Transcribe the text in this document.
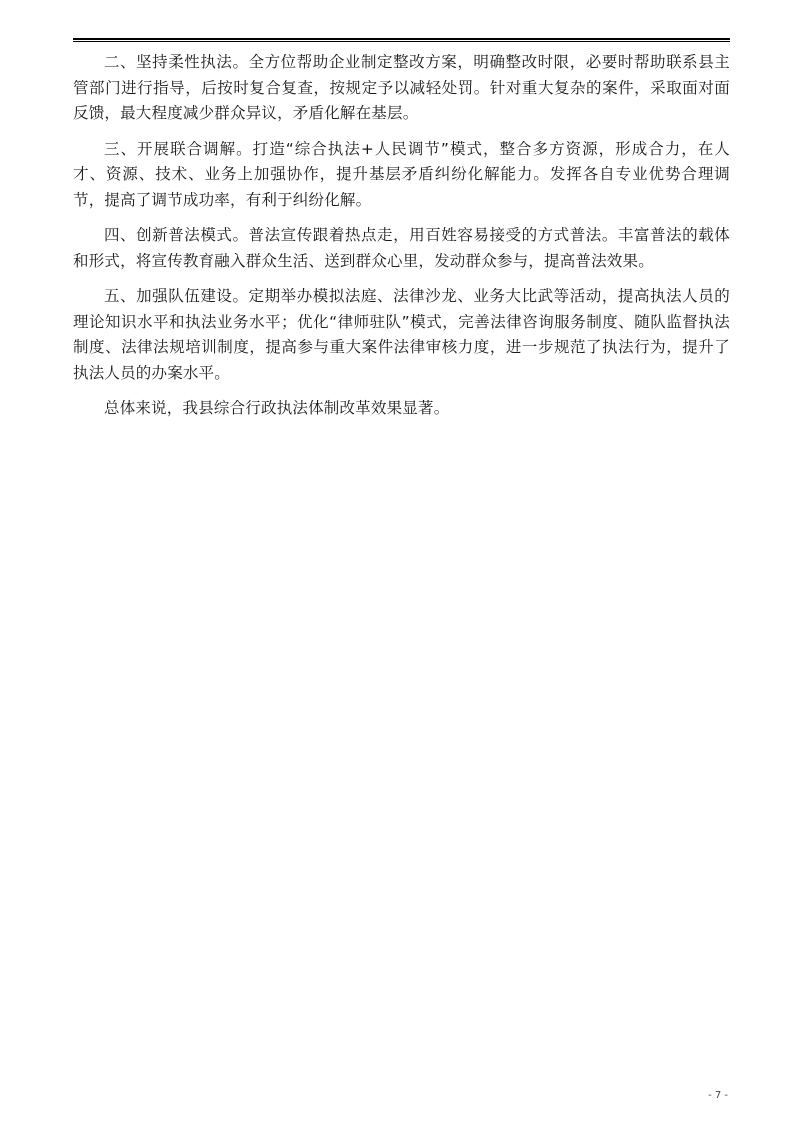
二、坚持柔性执法。全方位帮助企业制定整改方案，明确整改时限，必要时帮助联系县主管部门进行指导，后按时复合复查，按规定予以减轻处罚。针对重大复杂的案件，采取面对面反馈，最大程度减少群众异议，矛盾化解在基层。

三、开展联合调解。打造“综合执法+人民调节”模式，整合多方资源，形成合力，在人才、资源、技术、业务上加强协作，提升基层矛盾纠纷化解能力。发挥各自专业优势合理调节，提高了调节成功率，有利于纠纷化解。

四、创新普法模式。普法宣传跟着热点走，用百姓容易接受的方式普法。丰富普法的载体和形式，将宣传教育融入群众生活、送到群众心里，发动群众参与，提高普法效果。

五、加强队伍建设。定期举办模拟法庭、法律沙龙、业务大比武等活动，提高执法人员的理论知识水平和执法业务水平；优化“律师驻队”模式，完善法律咨询服务制度、随队监督执法制度、法律法规培训制度，提高参与重大案件法律审核力度，进一步规范了执法行为，提升了执法人员的办案水平。

总体来说，我县综合行政执法体制改革效果显著。

- 7 -
